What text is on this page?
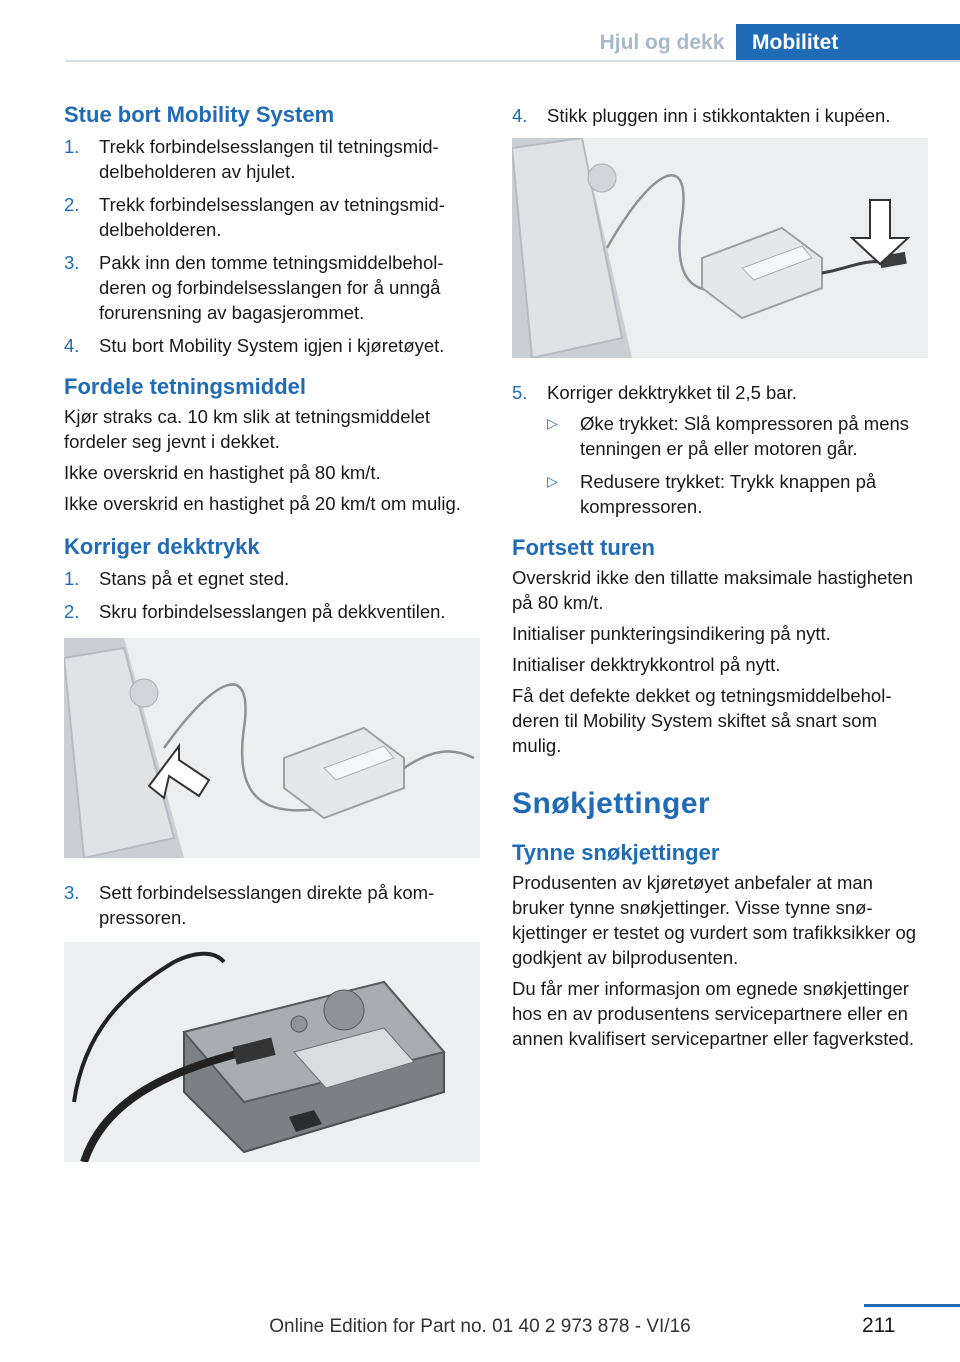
Hjul og dekk	Mobilitet
Stue bort Mobility System
1. Trekk forbindelsesslangen til tetningsmiddelbeholderen av hjulet.
2. Trekk forbindelsesslangen av tetningsmiddelbeholderen.
3. Pakk inn den tomme tetningsmiddelbeholderen og forbindelsesslangen for å unngå forurensning av bagasjerommet.
4. Stu bort Mobility System igjen i kjøretøyet.
Fordele tetningsmiddel

Kjør straks ca. 10 km slik at tetningsmiddelet fordeler seg jevnt i dekket.

Ikke overskrid en hastighet på 80 km/t.

Ikke overskrid en hastighet på 20 km/t om mulig.

Korriger dekktrykk
1. Stans på et egnet sted.
2. Skru forbindelsesslangen på dekkventilen.
3. Sett forbindelsesslangen direkte på kompressoren.
4. Stikk pluggen inn i stikkontakten i kupéen.
5. Korriger dekktrykket til 2,5 bar.
▷ Øke trykket: Slå kompressoren på mens tenningen er på eller motoren går.
▷ Redusere trykket: Trykk knappen på kompressoren.
Fortsett turen

Overskrid ikke den tillatte maksimale hastigheten på 80 km/t.

Initialiser punkteringsindikering på nytt.

Initialiser dekktrykkontrol på nytt.

Få det defekte dekket og tetningsmiddelbeholderen til Mobility System skiftet så snart som mulig.

Snøkjettinger
Tynne snøkjettinger

Produsenten av kjøretøyet anbefaler at man bruker tynne snøkjettinger. Visse tynne snøkjettinger er testet og vurdert som trafikksikker og godkjent av bilprodusenten.

Du får mer informasjon om egnede snøkjettinger hos en av produsentens servicepartnere eller en annen kvalifisert servicepartner eller fagverksted.

211
Online Edition for Part no. 01 40 2 973 878 - VI/16
